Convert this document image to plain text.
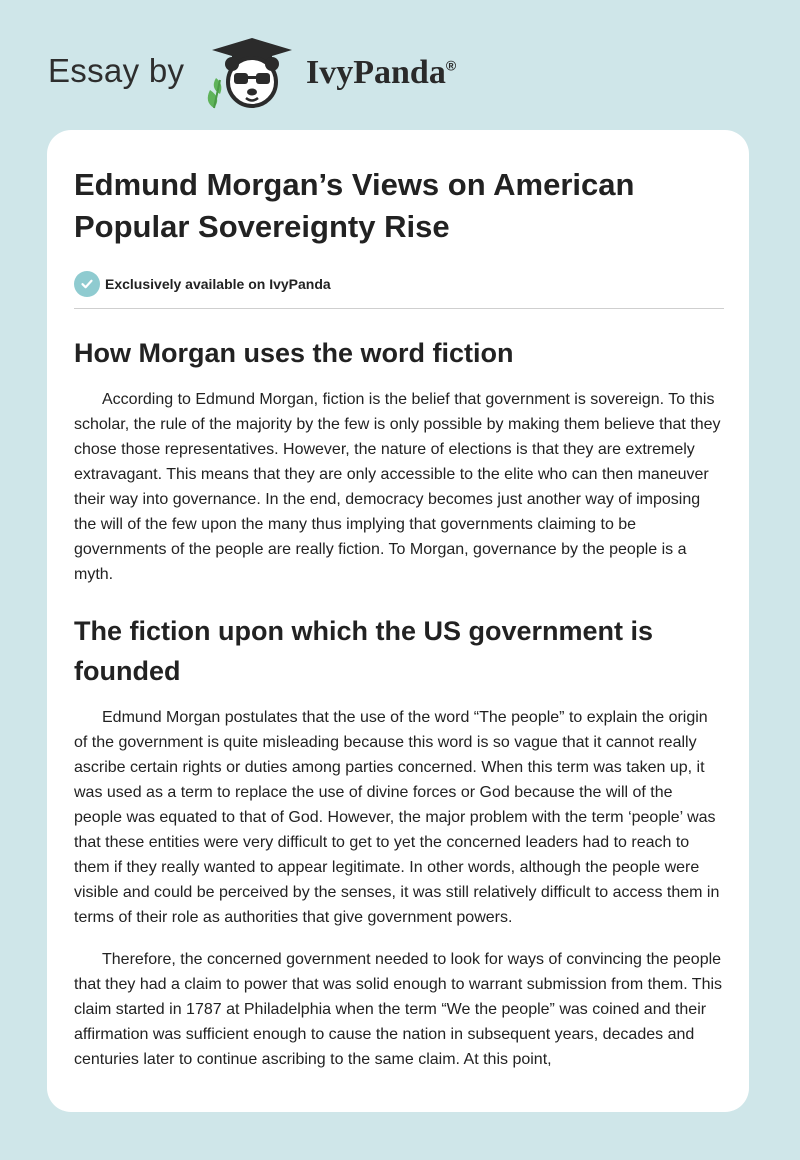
Essay by	IvyPanda®
Edmund Morgan’s Views on American Popular Sovereignty Rise
Exclusively available on IvyPanda
How Morgan uses the word fiction

According to Edmund Morgan, fiction is the belief that government is sovereign. To this scholar, the rule of the majority by the few is only possible by making them believe that they chose those representatives. However, the nature of elections is that they are extremely extravagant. This means that they are only accessible to the elite who can then maneuver their way into governance. In the end, democracy becomes just another way of imposing the will of the few upon the many thus implying that governments claiming to be governments of the people are really fiction. To Morgan, governance by the people is a myth.

The fiction upon which the US government is founded

Edmund Morgan postulates that the use of the word “The people” to explain the origin of the government is quite misleading because this word is so vague that it cannot really ascribe certain rights or duties among parties concerned. When this term was taken up, it was used as a term to replace the use of divine forces or God because the will of the people was equated to that of God. However, the major problem with the term ‘people’ was that these entities were very difficult to get to yet the concerned leaders had to reach to them if they really wanted to appear legitimate. In other words, although the people were visible and could be perceived by the senses, it was still relatively difficult to access them in terms of their role as authorities that give government powers.

Therefore, the concerned government needed to look for ways of convincing the people that they had a claim to power that was solid enough to warrant submission from them. This claim started in 1787 at Philadelphia when the term “We the people” was coined and their affirmation was sufficient enough to cause the nation in subsequent years, decades and centuries later to continue ascribing to the same claim. At this point,
